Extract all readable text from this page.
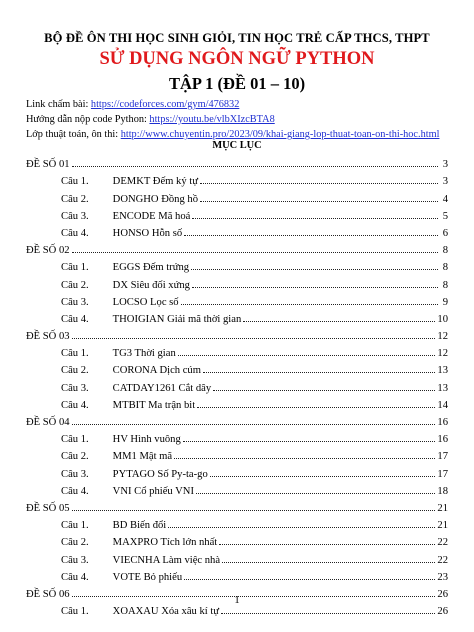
BỘ ĐỀ ÔN THI HỌC SINH GIỎI, TIN HỌC TRẺ CẤP THCS, THPT
SỬ DỤNG NGÔN NGỮ PYTHON
TẬP 1 (ĐỀ 01 – 10)
Link chấm bài: https://codeforces.com/gym/476832
Hướng dẫn nộp code Python: https://youtu.be/vlbXIzcBTA8
Lớp thuật toán, ôn thi: http://www.chuyentin.pro/2023/09/khai-giang-lop-thuat-toan-on-thi-hoc.html
MỤC LỤC
ĐỀ SỐ 01	3
Câu 1. DEMKT Đếm ký tự	3
Câu 2. DONGHO Đồng hồ	4
Câu 3. ENCODE Mã hoá	5
Câu 4. HONSO Hỗn số	6
ĐỀ SỐ 02	8
Câu 1. EGGS Đếm trứng	8
Câu 2. DX Siêu đối xứng	8
Câu 3. LOCSO Lọc số	9
Câu 4. THOIGIAN Giải mã thời gian	10
ĐỀ SỐ 03	12
Câu 1. TG3 Thời gian	12
Câu 2. CORONA Dịch cúm	13
Câu 3. CATDAY1261 Cắt dây	13
Câu 4. MTBIT Ma trận bit	14
ĐỀ SỐ 04	16
Câu 1. HV Hình vuông	16
Câu 2. MM1 Mật mã	17
Câu 3. PYTAGO Số Py-ta-go	17
Câu 4. VNI Cổ phiếu VNI	18
ĐỀ SỐ 05	21
Câu 1. BD Biến đổi	21
Câu 2. MAXPRO Tích lớn nhất	22
Câu 3. VIECNHA Làm việc nhà	22
Câu 4. VOTE Bỏ phiếu	23
ĐỀ SỐ 06	26
Câu 1. XOAXAU Xóa xâu kí tự	26
1
